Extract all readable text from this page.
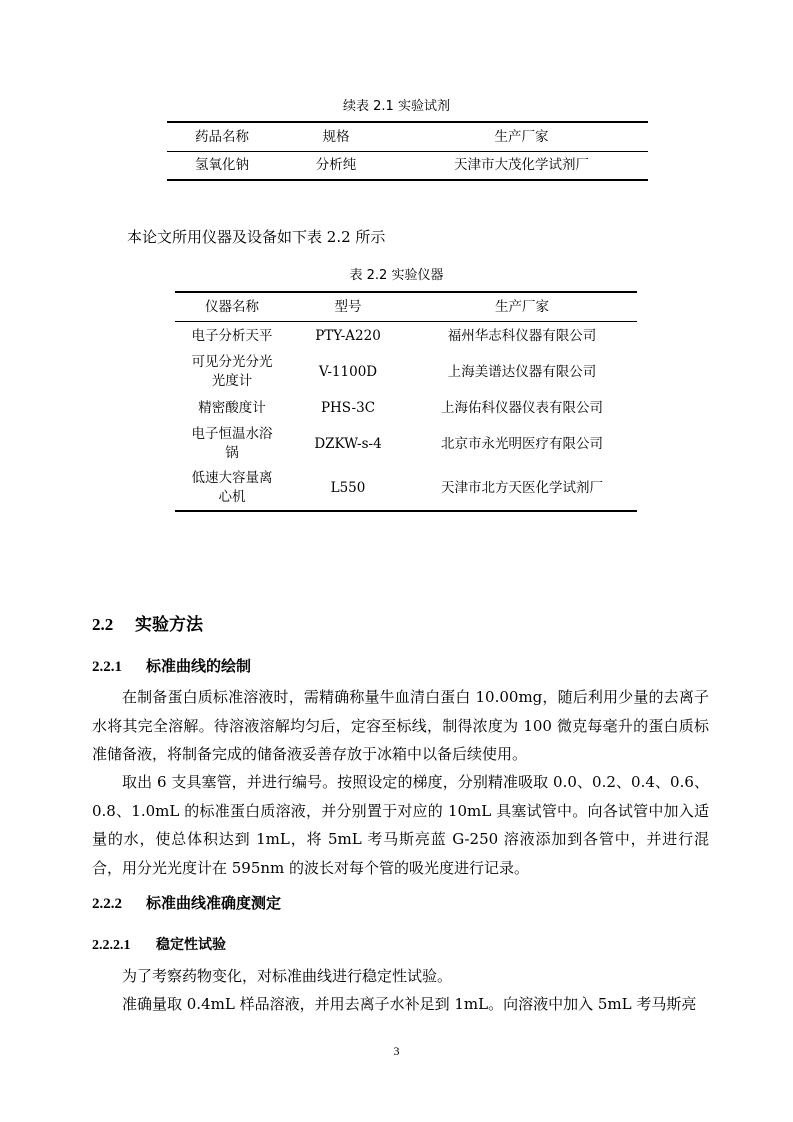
续表 2.1 实验试剂
药品名称	规格	生产厂家
氢氧化钠	分析纯	天津市大茂化学试剂厂

本论文所用仪器及设备如下表 2.2 所示

表 2.2 实验仪器
仪器名称	型号	生产厂家
电子分析天平	PTY-A220	福州华志科仪器有限公司
可见分光分光
光度计	V-1100D	上海美谱达仪器有限公司
精密酸度计	PHS-3C	上海佑科仪器仪表有限公司
电子恒温水浴
锅	DZKW-s-4	北京市永光明医疗有限公司
低速大容量离
心机	L550	天津市北方天医化学试剂厂
2.2 实验方法
2.2.1 标准曲线的绘制

在制备蛋白质标准溶液时，需精确称量牛血清白蛋白 10.00mg，随后利用少量的去离子水将其完全溶解。待溶液溶解均匀后，定容至标线，制得浓度为 100 微克每毫升的蛋白质标准储备液，将制备完成的储备液妥善存放于冰箱中以备后续使用。

取出 6 支具塞管，并进行编号。按照设定的梯度，分别精准吸取 0.0、0.2、0.4、0.6、0.8、1.0mL 的标准蛋白质溶液，并分别置于对应的 10mL 具塞试管中。向各试管中加入适量的水，使总体积达到 1mL，将 5mL 考马斯亮蓝 G-250 溶液添加到各管中，并进行混合，用分光光度计在 595nm 的波长对每个管的吸光度进行记录。

2.2.2 标准曲线准确度测定
2.2.2.1 稳定性试验

为了考察药物变化，对标准曲线进行稳定性试验。

准确量取 0.4mL 样品溶液，并用去离子水补足到 1mL。向溶液中加入 5mL 考马斯亮

3
